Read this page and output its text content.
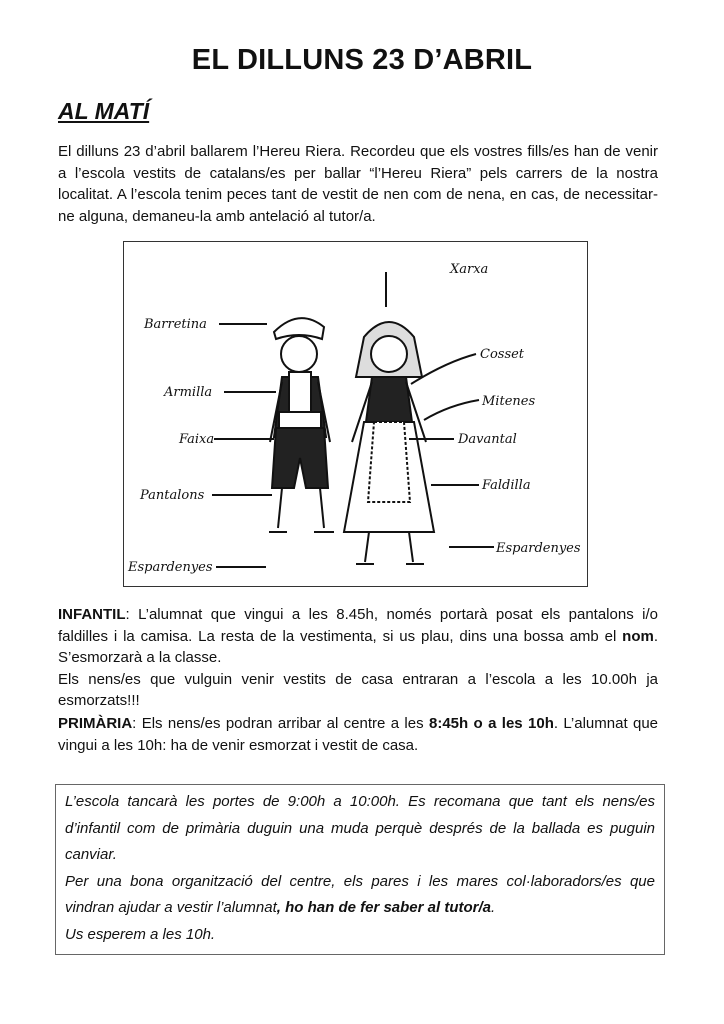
EL DILLUNS 23 D’ABRIL
AL MATÍ
El dilluns 23 d’abril ballarem l’Hereu Riera. Recordeu que els vostres fills/es han de venir a l’escola vestits de catalans/es per ballar “l’Hereu Riera” pels carrers de la nostra localitat. A l’escola tenim peces tant de vestit de nen com de nena, en cas, de necessitar-ne alguna, demaneu-la amb antelació al tutor/a.
Barretina
Armilla
Faixa
Pantalons
Espardenyes
Xarxa
Cosset
Mitenes
Davantal
Faldilla
Espardenyes
INFANTIL: L’alumnat que vingui a les 8.45h, només portarà posat els pantalons i/o faldilles i la camisa. La resta de la vestimenta, si us plau, dins una bossa amb el nom. S’esmorzarà a la classe.
Els nens/es que vulguin venir vestits de casa entraran a l’escola a les 10.00h ja esmorzats!!!
PRIMÀRIA: Els nens/es podran arribar al centre a les 8:45h o a les 10h. L’alumnat que vingui a les 10h: ha de venir esmorzat i vestit de casa.
L’escola tancarà les portes de 9:00h a 10:00h. Es recomana que tant els nens/es d’infantil com de primària duguin una muda perquè després de la ballada es puguin canviar.
Per una bona organització del centre, els pares i les mares col·laboradors/es que vindran ajudar a vestir l’alumnat, ho han de fer saber al tutor/a.
Us esperem a les 10h.
